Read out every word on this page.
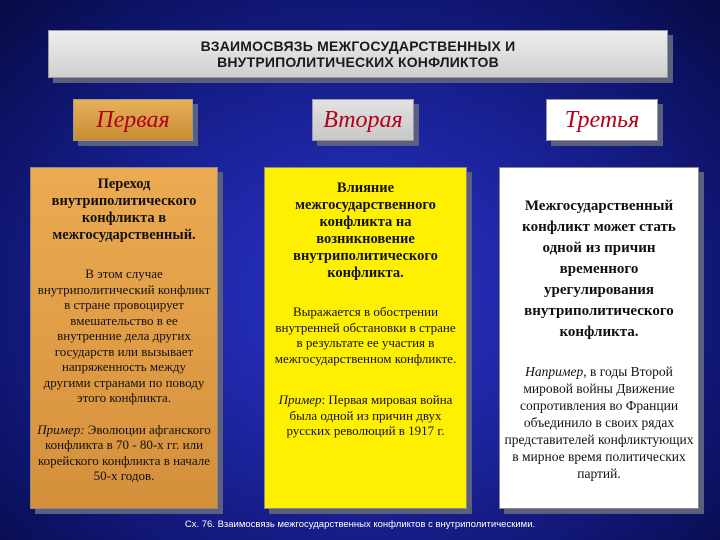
ВЗАИМОСВЯЗЬ МЕЖГОСУДАРСТВЕННЫХ И
ВНУТРИПОЛИТИЧЕСКИХ КОНФЛИКТОВ
Первая	Вторая	Третья
Переход внутриполитического конфликта в межгосударственный.
В этом случае внутриполитический конфликт в стране провоцирует вмешательство в ее внутренние дела других государств или вызывает напряженность между другими странами по поводу этого конфликта.
Пример: Эволюции афганского конфликта в 70 - 80-х гг. или корейского конфликта в начале 50-х годов.
Влияние межгосударственного конфликта на возникновение внутриполитического конфликта.
Выражается в обострении внутренней обстановки в стране в результате ее участия в межгосударственном конфликте.
Пример: Первая мировая война была одной из причин двух русских революций в 1917 г.
Межгосударственный конфликт может стать одной из причин временного урегулирования внутриполитического конфликта.
Например, в годы Второй мировой войны Движение сопротивления во Франции объединило в своих рядах представителей конфликтующих в мирное время политических партий.
Сх. 76. Взаимосвязь межгосударственных конфликтов с внутриполитическими.
